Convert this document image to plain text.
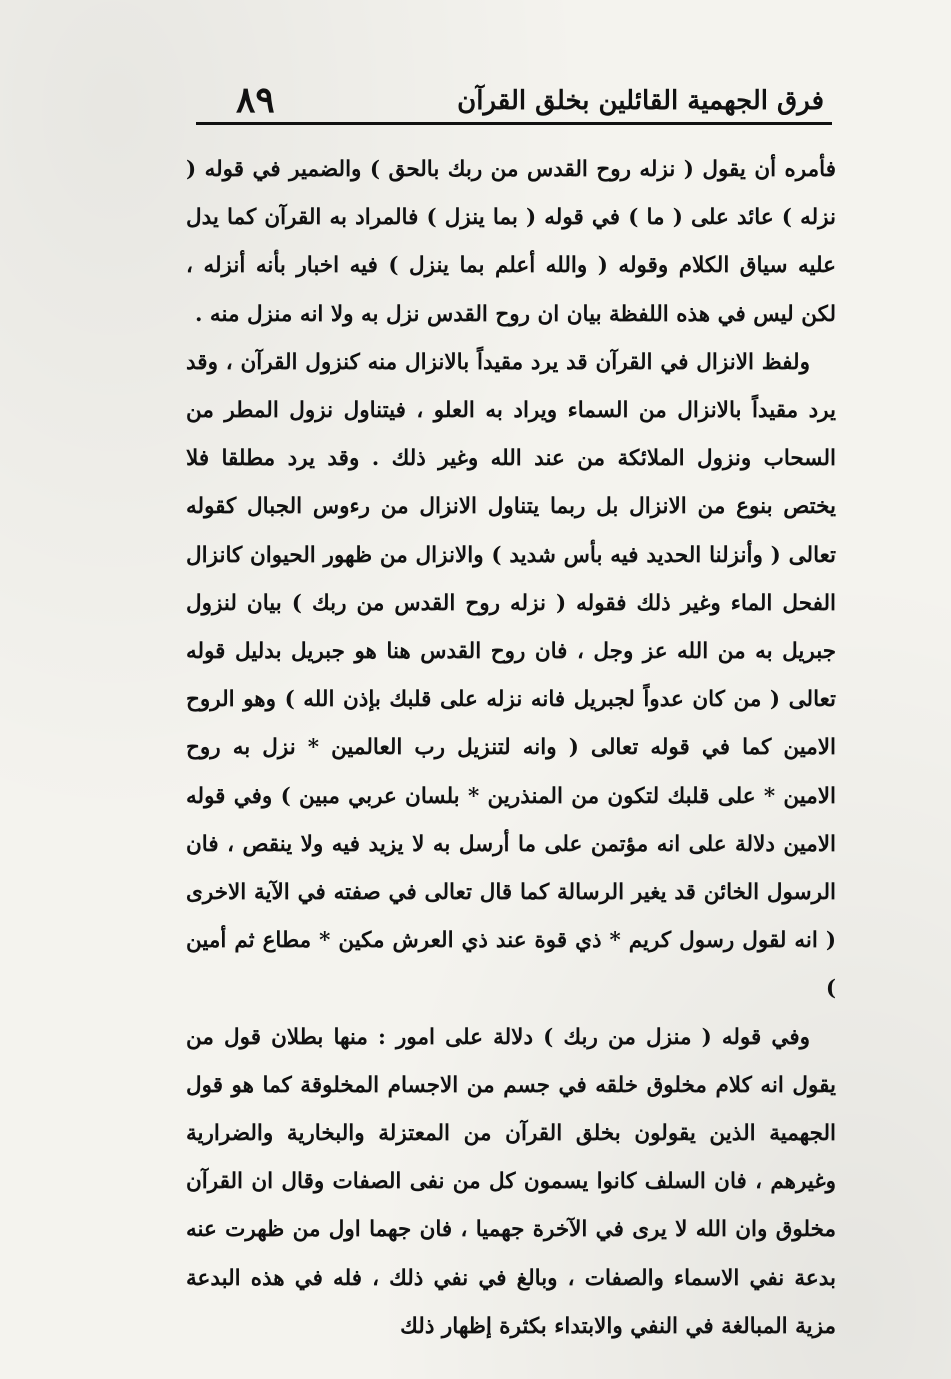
٨٩	فرق الجهمية القائلين بخلق القرآن

فأمره أن يقول ( نزله روح القدس من ربك بالحق ) والضمير في قوله ( نزله ) عائد على ( ما ) في قوله ( بما ينزل ) فالمراد به القرآن كما يدل عليه سياق الكلام وقوله ( والله أعلم بما ينزل ) فيه اخبار بأنه أنزله ، لكن ليس في هذه اللفظة بيان ان روح القدس نزل به ولا انه منزل منه .

ولفظ الانزال في القرآن قد يرد مقيداً بالانزال منه كنزول القرآن ، وقد يرد مقيداً بالانزال من السماء ويراد به العلو ، فيتناول نزول المطر من السحاب ونزول الملائكة من عند الله وغير ذلك . وقد يرد مطلقا فلا يختص بنوع من الانزال بل ربما يتناول الانزال من رءوس الجبال كقوله تعالى ( وأنزلنا الحديد فيه بأس شديد ) والانزال من ظهور الحيوان كانزال الفحل الماء وغير ذلك فقوله ( نزله روح القدس من ربك ) بيان لنزول جبريل به من الله عز وجل ، فان روح القدس هنا هو جبريل بدليل قوله تعالى ( من كان عدواً لجبريل فانه نزله على قلبك بإذن الله ) وهو الروح الامين كما في قوله تعالى ( وانه لتنزيل رب العالمين * نزل به روح الامين * على قلبك لتكون من المنذرين * بلسان عربي مبين ) وفي قوله الامين دلالة على انه مؤتمن على ما أرسل به لا يزيد فيه ولا ينقص ، فان الرسول الخائن قد يغير الرسالة كما قال تعالى في صفته في الآية الاخرى ( انه لقول رسول كريم * ذي قوة عند ذي العرش مكين * مطاع ثم أمين )

وفي قوله ( منزل من ربك ) دلالة على امور : منها بطلان قول من يقول انه كلام مخلوق خلقه في جسم من الاجسام المخلوقة كما هو قول الجهمية الذين يقولون بخلق القرآن من المعتزلة والبخارية والضرارية وغيرهم ، فان السلف كانوا يسمون كل من نفى الصفات وقال ان القرآن مخلوق وان الله لا يرى في الآخرة جهميا ، فان جهما اول من ظهرت عنه بدعة نفي الاسماء والصفات ، وبالغ في نفي ذلك ، فله في هذه البدعة مزية المبالغة في النفي والابتداء بكثرة إظهار ذلك
